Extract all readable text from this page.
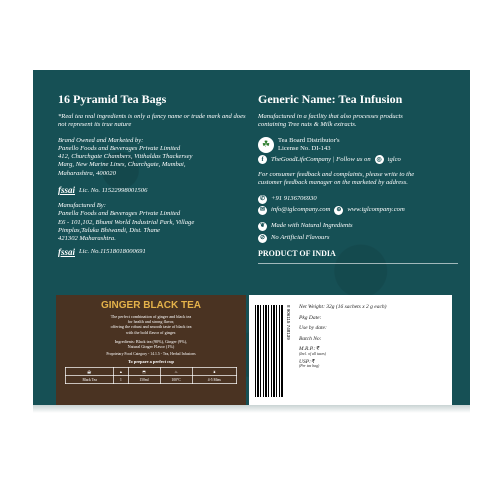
16 Pyramid Tea Bags
*Real tea real ingredients is only a fancy name or trade mark and does not represent its true nature
Brand Owned and Marketed by:
Panello Foods and Beverages Private Limited
412, Churchgate Chambers, Vitthaldas Thackersey
Marg, New Marine Lines, Churchgate, Mumbai,
Maharashtra, 400020
fssai Lic. No. 11522998001506
Manufactured By:
Panella Foods and Beverages Private Limited
E6 - 101,102, Bhumi World Industrial Park, Village
Pimplas,Taluka Bhiwandi, Dist. Thane
421302 Maharashtra.
fssai Lic. No.11518018000691
Generic Name: Tea Infusion
Manufactured in a facility that also processes products
containing Tree nuts & Milk extracts.
☘	Tea Board Distributor's
License No. DI-143
f	TheGoodLifeCompany | Follow us on ◎ tglco
For consumer feedback and complaints, please write to the
customer feedback manager on the marketed by address.
✆ +91 9136706930
✉ info@tglcompany.com ⊕ www.tglcompany.com
❦ Made with Natural Ingredients
⊘ No Artificial Flavours
PRODUCT OF INDIA
GINGER BLACK TEA
The perfect combination of ginger and black tea
for health and strong flavor,
offering the robust and smooth taste of black tea
with the bold flavor of ginger.
Ingredients: Black tea (90%), Ginger (9%),
Natural Ginger Flavor (1%)
Proprietary Food Category - 14.1.5 - Tea, Herbal Infusions
To prepare a perfect cup
☕	▲	⬒	♨	⧗
Black Tea	1	150ml	100°C	4-5 Mins
8 906115 748139 Net Weight: 32g (16 sachets x 2 g each)
Pkg Date:
Use by date:
Batch No:
M.R.P.:₹
(Incl. of all taxes)
USP:₹
(Per tea bag)
